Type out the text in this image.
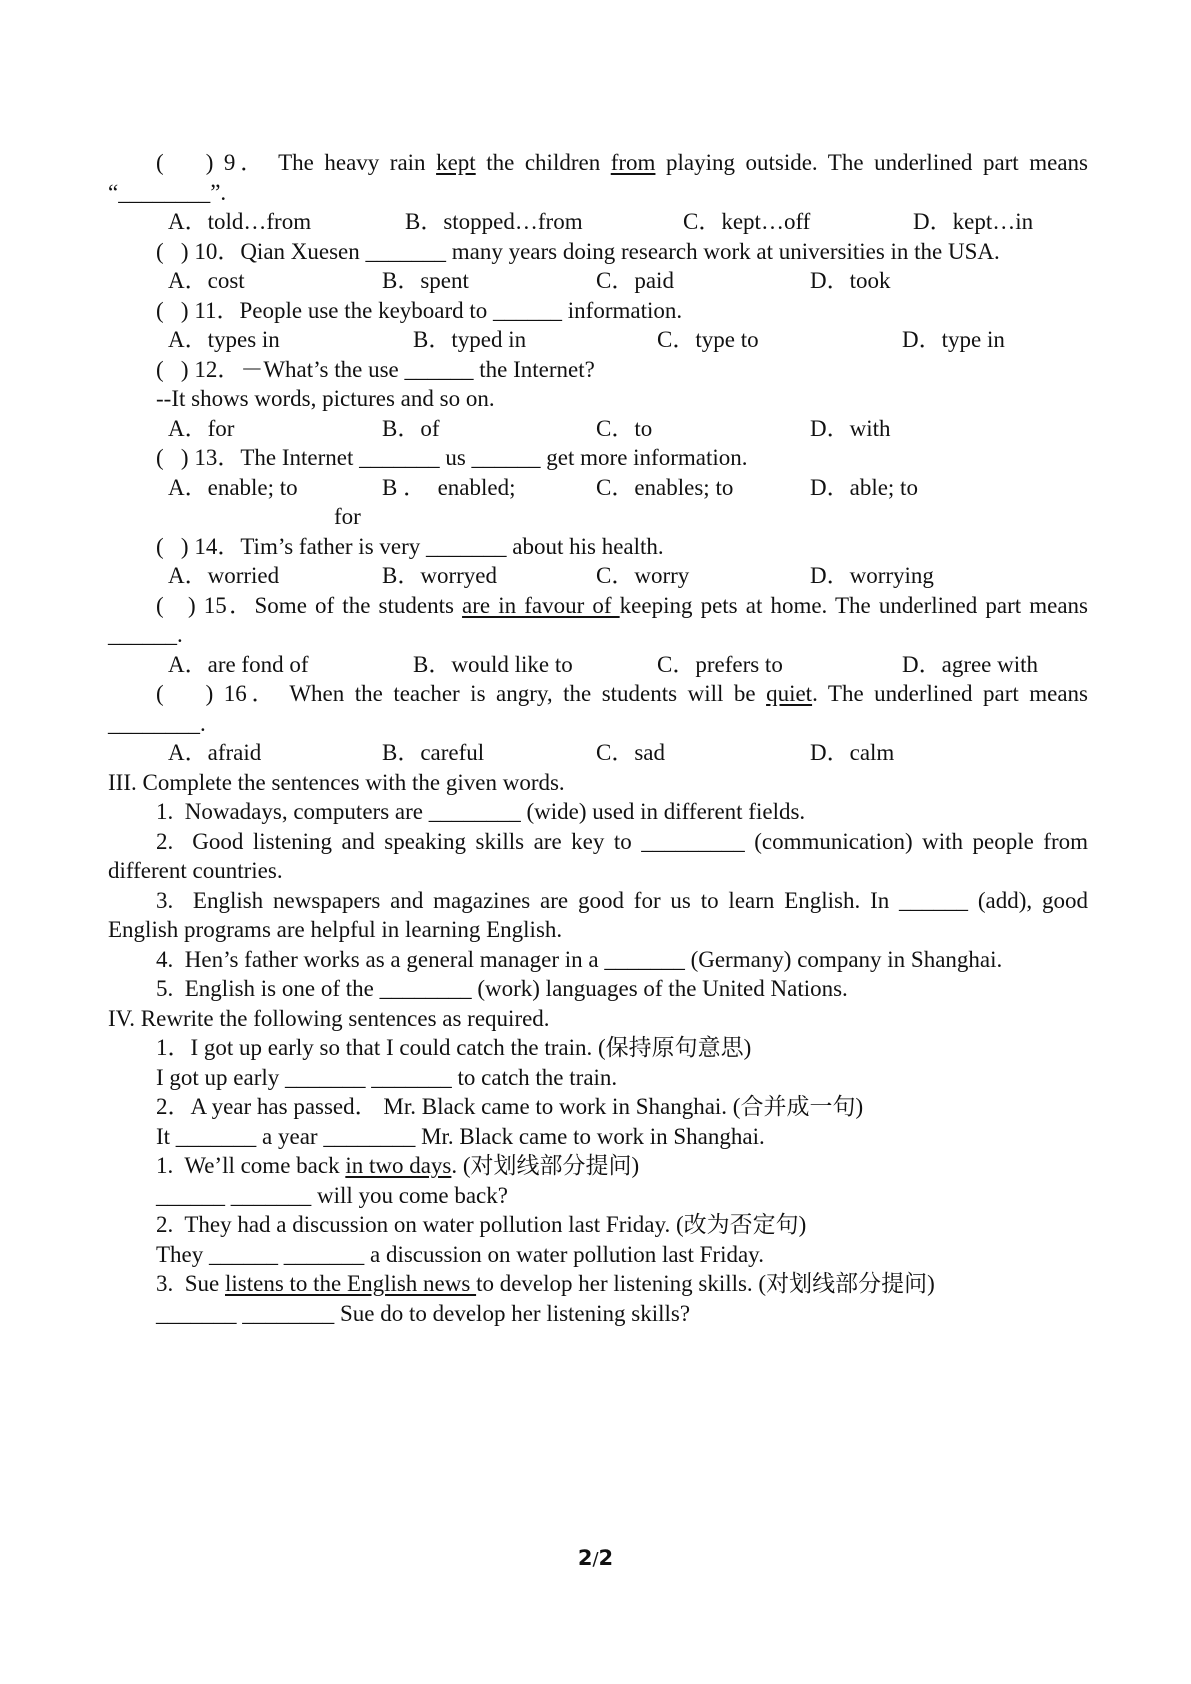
(    ) 9． The heavy rain kept the children from playing outside. The underlined part means
“________”.
A．told…from	B．stopped…from	C．kept…off	D．kept…in
(   ) 10．Qian Xuesen _______ many years doing research work at universities in the USA.
A．cost	B．spent	C．paid	D．took
(   ) 11．People use the keyboard to ______ information.
A．types in	B．typed in	C．type to	D．type in
(   ) 12．－What’s the use ______ the Internet?
--It shows words, pictures and so on.
A．for	B．of	C．to	D．with
(   ) 13．The Internet _______ us ______ get more information.
A．enable; to	B ．  enabled;	C．enables; to	D．able; to
for
(   ) 14．Tim’s father is very _______ about his health.
A．worried	B．worryed	C．worry	D．worrying
(   ) 15．Some of the students are in favour of keeping pets at home. The underlined part means
______.
A．are fond of	B．would like to	C．prefers to	D．agree with
(    ) 16． When the teacher is angry, the students will be quiet. The underlined part means
________.
A．afraid	B．careful	C．sad	D．calm
III. Complete the sentences with the given words.
1.  Nowadays, computers are ________ (wide) used in different fields.
2.  Good listening and speaking skills are key to _________ (communication) with people from
different countries.
3.  English newspapers and magazines are good for us to learn English. In ______ (add), good
English programs are helpful in learning English.
4.  Hen’s father works as a general manager in a _______ (Germany) company in Shanghai.
5.  English is one of the ________ (work) languages of the United Nations.
IV. Rewrite the following sentences as required.
1．I got up early so that I could catch the train. (保持原句意思)
I got up early _______ _______ to catch the train.
2．A year has passed． Mr. Black came to work in Shanghai. (合并成一句)
It _______ a year ________ Mr. Black came to work in Shanghai.
1.  We’ll come back in two days. (对划线部分提问)
______ _______ will you come back?
2.  They had a discussion on water pollution last Friday. (改为否定句)
They ______ _______ a discussion on water pollution last Friday.
3.  Sue listens to the English news to develop her listening skills. (对划线部分提问)
_______ ________ Sue do to develop her listening skills?
2/2
